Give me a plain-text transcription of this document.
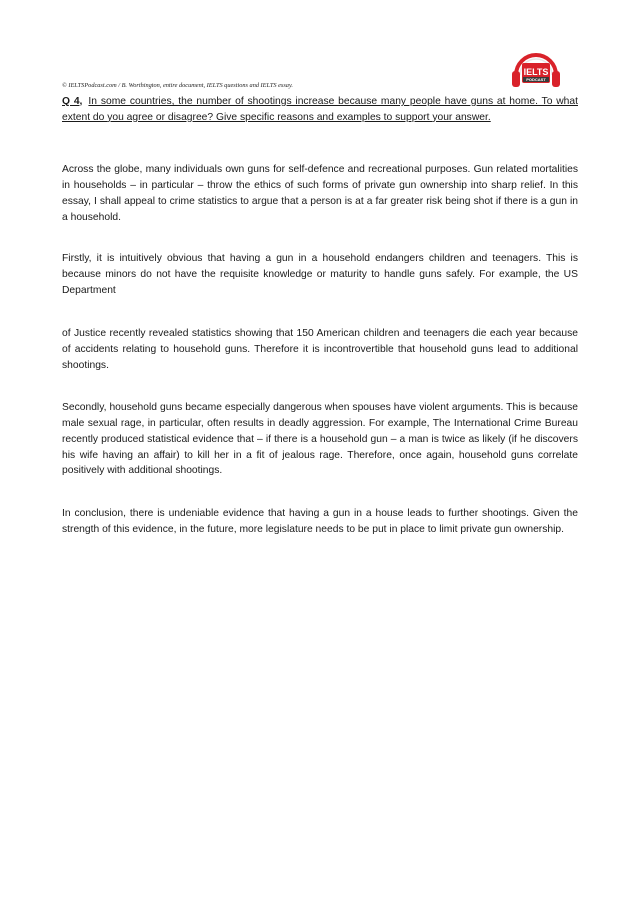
IELTS
PODCAST
© IELTSPodcast.com / B. Worthington, entire document, IELTS questions and IELTS essay.

Q 4, In some countries, the number of shootings increase because many people have guns at home. To what extent do you agree or disagree? Give specific reasons and examples to support your answer.

Across the globe, many individuals own guns for self-defence and recreational purposes. Gun related mortalities in households – in particular – throw the ethics of such forms of private gun ownership into sharp relief. In this essay, I shall appeal to crime statistics to argue that a person is at a far greater risk being shot if there is a gun in a household.

Firstly, it is intuitively obvious that having a gun in a household endangers children and teenagers. This is because minors do not have the requisite knowledge or maturity to handle guns safely. For example, the US Department

of Justice recently revealed statistics showing that 150 American children and teenagers die each year because of accidents relating to household guns. Therefore it is incontrovertible that household guns lead to additional shootings.

Secondly, household guns became especially dangerous when spouses have violent arguments. This is because male sexual rage, in particular, often results in deadly aggression. For example, The International Crime Bureau recently produced statistical evidence that – if there is a household gun – a man is twice as likely (if he discovers his wife having an affair) to kill her in a fit of jealous rage. Therefore, once again, household guns correlate positively with additional shootings.

In conclusion, there is undeniable evidence that having a gun in a house leads to further shootings. Given the strength of this evidence, in the future, more legislature needs to be put in place to limit private gun ownership.
